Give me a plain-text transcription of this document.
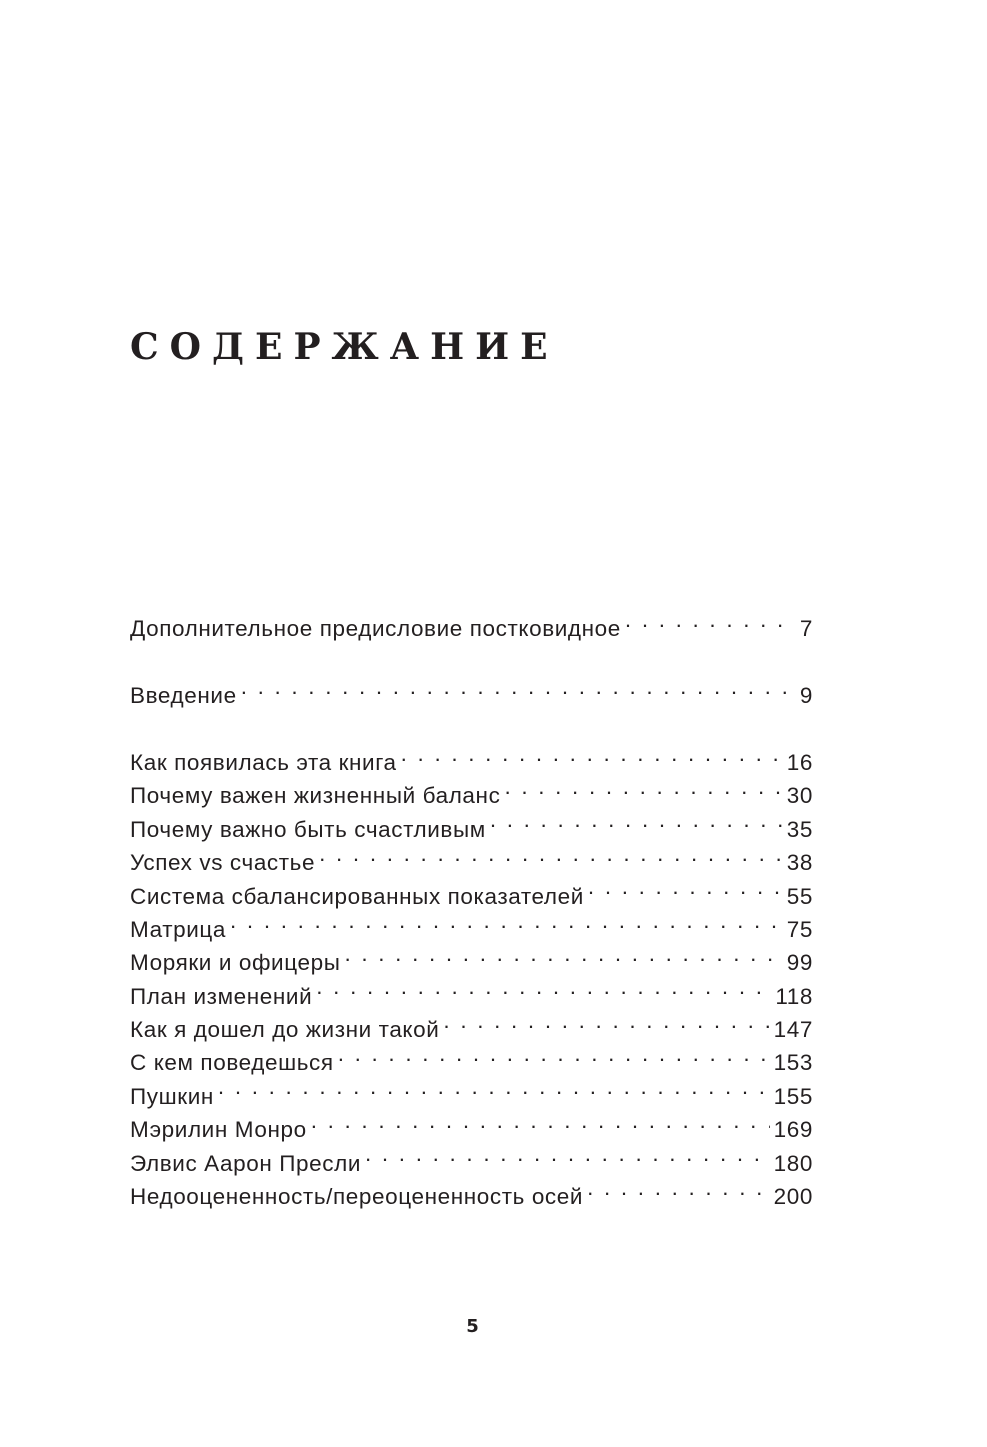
СОДЕРЖАНИЕ
Дополнительное предисловие постковидное . . .	7
Введение . . .	9
Как появилась эта книга . . .	16
Почему важен жизненный баланс . . .	30
Почему важно быть счастливым . . .	35
Успех vs счастье . . .	38
Система сбалансированных показателей . . .	55
Матрица . . .	75
Моряки и офицеры . . .	99
План изменений . . .	118
Как я дошел до жизни такой . . .	147
С кем поведешься . . .	153
Пушкин . . .	155
Мэрилин Монро . . .	169
Элвис Аарон Пресли . . .	180
Недооцененность/переоцененность осей . . .	200
5
